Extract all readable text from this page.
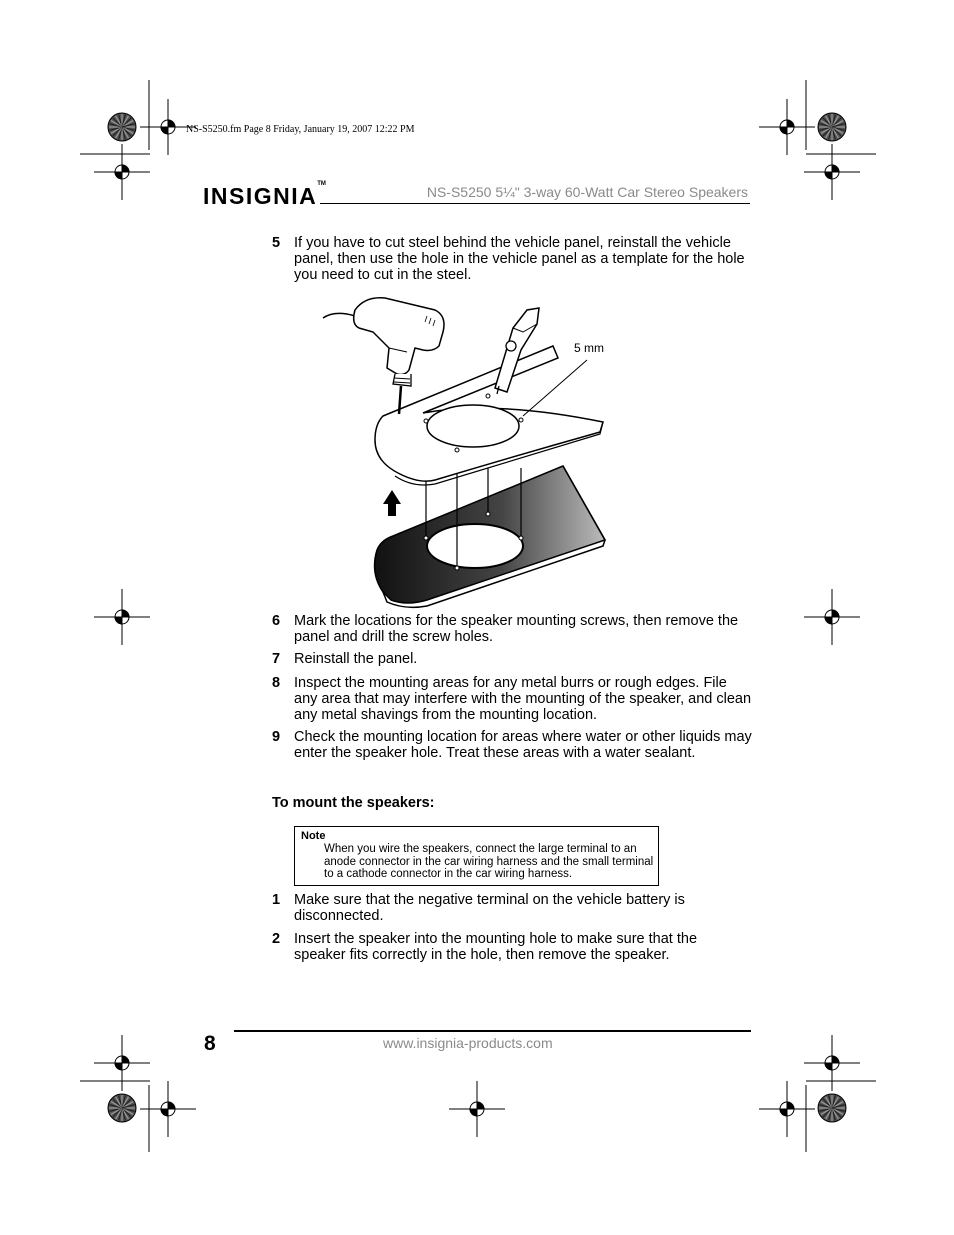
NS-S5250.fm Page 8 Friday, January 19, 2007 12:22 PM
INSIGNIA™	NS-S5250 5¼" 3-way 60-Watt Car Stereo Speakers
5 If you have to cut steel behind the vehicle panel, reinstall the vehicle panel, then use the hole in the vehicle panel as a template for the hole you need to cut in the steel.
5 mm
6 Mark the locations for the speaker mounting screws, then remove the panel and drill the screw holes.
7 Reinstall the panel.
8 Inspect the mounting areas for any metal burrs or rough edges. File any area that may interfere with the mounting of the speaker, and clean any metal shavings from the mounting location.
9 Check the mounting location for areas where water or other liquids may enter the speaker hole. Treat these areas with a water sealant.
To mount the speakers:
Note
When you wire the speakers, connect the large terminal to an anode connector in the car wiring harness and the small terminal to a cathode connector in the car wiring harness.
1 Make sure that the negative terminal on the vehicle battery is disconnected.
2 Insert the speaker into the mounting hole to make sure that the speaker fits correctly in the hole, then remove the speaker.
8	www.insignia-products.com
